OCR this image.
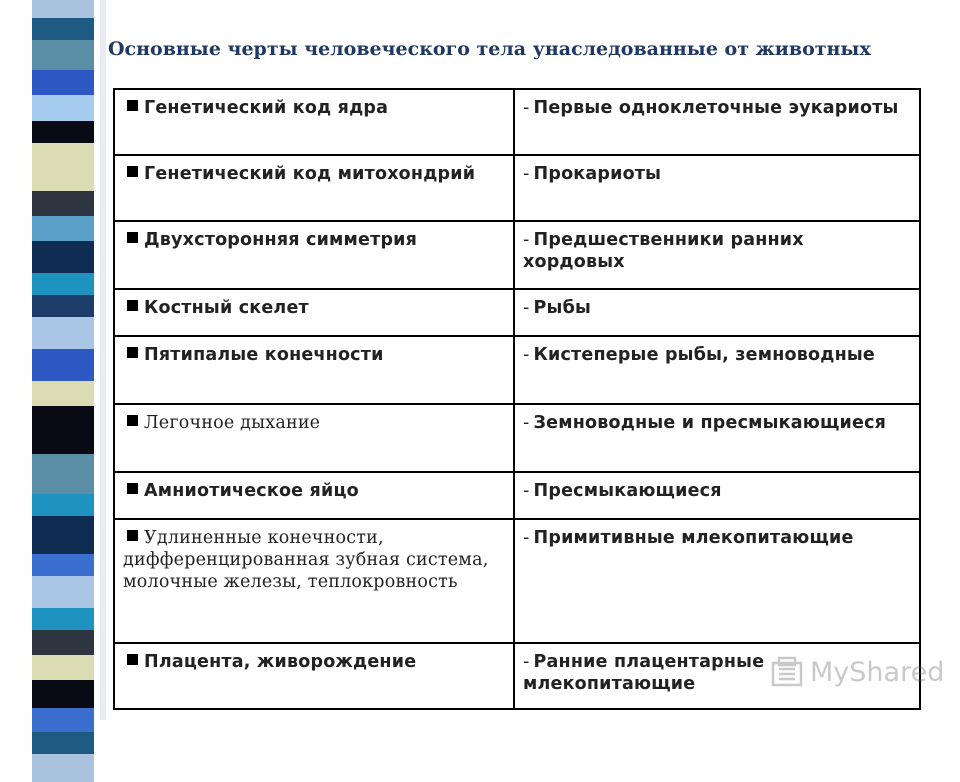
Основные черты человеческого тела унаследованные от животных
Генетический код ядра	- Первые одноклеточные эукариоты
Генетический код митохондрий	- Прокариоты
Двухсторонняя симметрия	- Предшественники ранних хордовых
Костный скелет	- Рыбы
Пятипалые конечности	- Кистеперые рыбы, земноводные
Легочное дыхание	- Земноводные и пресмыкающиеся
Амниотическое яйцо	- Пресмыкающиеся
Удлиненные конечности, дифференцированная зубная система, молочные железы, теплокровность	- Примитивные млекопитающие
Плацента, живорождение	- Ранние плацентарные млекопитающие	MyShared
